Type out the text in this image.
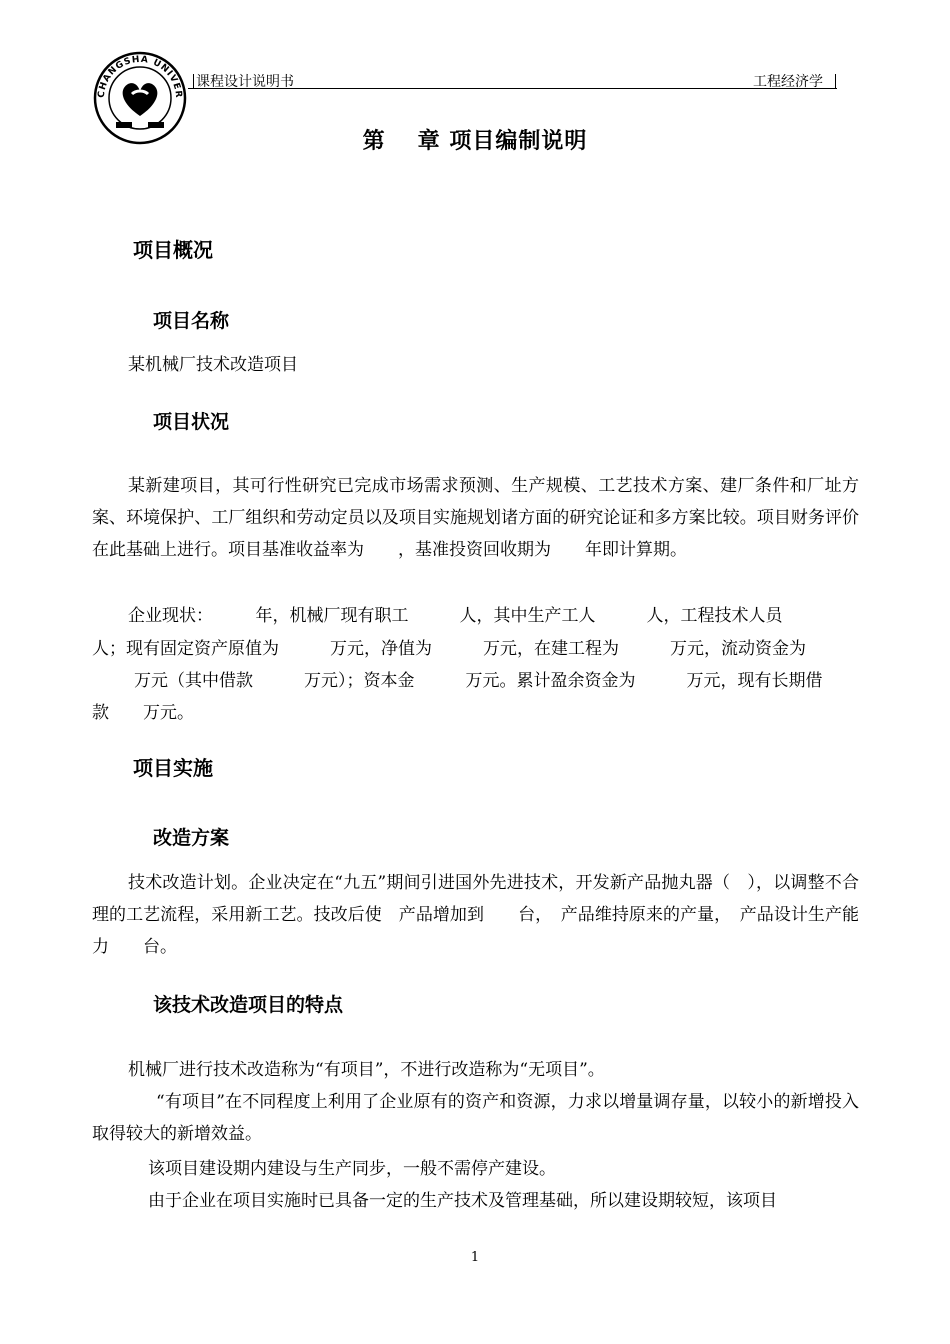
CHANGSHA UNIVER
课程设计说明书	工程经济学
第 章 项目编制说明
项目概况
项目名称
某机械厂技术改造项目
项目状况
某新建项目，其可行性研究已完成市场需求预测、生产规模、工艺技术方案、建厂条件和厂址方案、环境保护、工厂组织和劳动定员以及项目实施规划诸方面的研究论证和多方案比较。项目财务评价在此基础上进行。项目基准收益率为　　，基准投资回收期为　　年即计算期。
企业现状：　　　年，机械厂现有职工　　　人，其中生产工人　　　人，工程技术人员
人；现有固定资产原值为　　　万元，净值为　　　万元，在建工程为　　　万元，流动资金为
万元（其中借款　　　万元）；资本金　　　万元。累计盈余资金为　　　万元，现有长期借
款　　万元。
项目实施
改造方案
技术改造计划。企业决定在“九五”期间引进国外先进技术，开发新产品抛丸器（　），以调整不合理的工艺流程，采用新工艺。技改后使　产品增加到　　台，　产品维持原来的产量，　产品设计生产能力　　台。
该技术改造项目的特点
机械厂进行技术改造称为“有项目”，不进行改造称为“无项目”。
“有项目”在不同程度上利用了企业原有的资产和资源，力求以增量调存量，以较小的新增投入取得较大的新增效益。
该项目建设期内建设与生产同步，一般不需停产建设。
由于企业在项目实施时已具备一定的生产技术及管理基础，所以建设期较短，该项目
1
